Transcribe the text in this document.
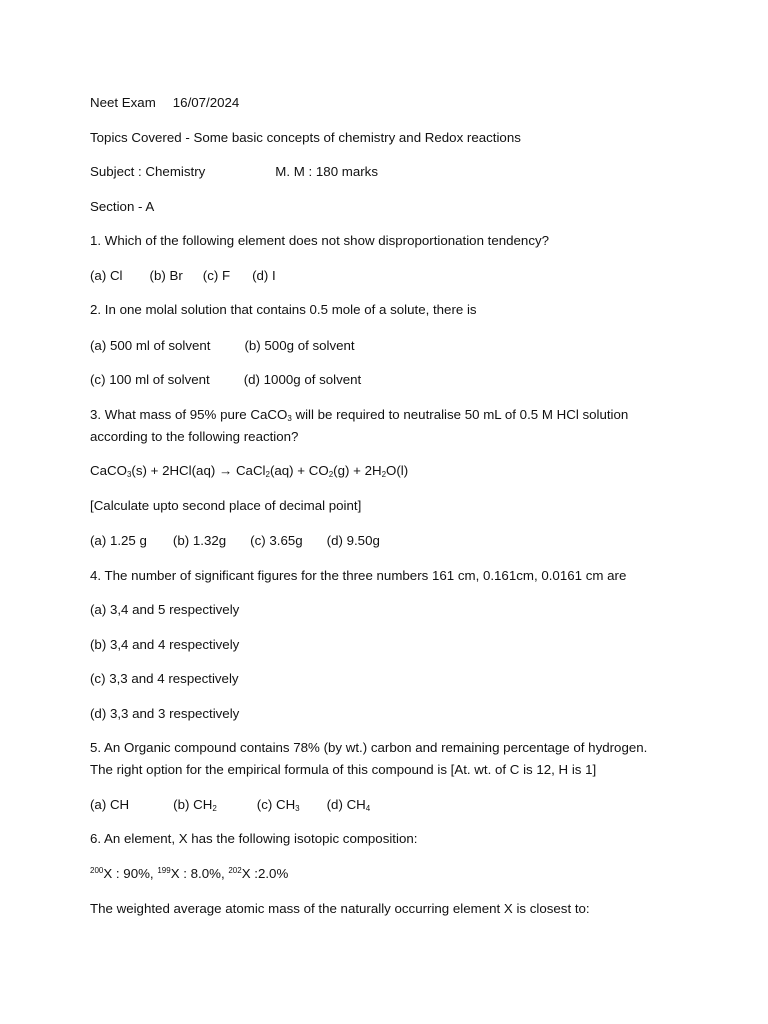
Neet Exam 16/07/2024
Topics Covered - Some basic concepts of chemistry and Redox reactions
Subject : Chemistry	M. M : 180 marks
Section - A
1. Which of the following element does not show disproportionation tendency?
(a) Cl (b) Br (c) F (d) I
2. In one molal solution that contains 0.5 mole of a solute, there is
(a) 500 ml of solvent	(b) 500g of solvent
(c) 100 ml of solvent	(d) 1000g of solvent
3. What mass of 95% pure CaCO$_3$ will be required to neutralise 50 mL of 0.5 M HCl solution according to the following reaction?
CaCO$_3$(s) + 2HCl(aq) → CaCl$_2$(aq) + $CO_2(g) + 2H_2O(l)$
[Calculate upto second place of decimal point]
(a) 1.25 g (b) 1.32g (c) 3.65g (d) 9.50g
4. The number of significant figures for the three numbers 161 cm, 0.161cm, 0.0161 cm are
(a) 3,4 and 5 respectively
(b) 3,4 and 4 respectively
(c) 3,3 and 4 respectively
(d) 3,3 and 3 respectively
5. An Organic compound contains 78% (by wt.) carbon and remaining percentage of hydrogen. The right option for the empirical formula of this compound is [At. wt. of C is 12, H is 1]
(a) CH	(b) $CH_2$	(c) $CH_3$ (d) $CH_4$
6. An element, X has the following isotopic composition:
$^{200}$X : 90%, $^{199}$X : 8.0%, $^{202}$X :2.0%
The weighted average atomic mass of the naturally occurring element X is closest to:
